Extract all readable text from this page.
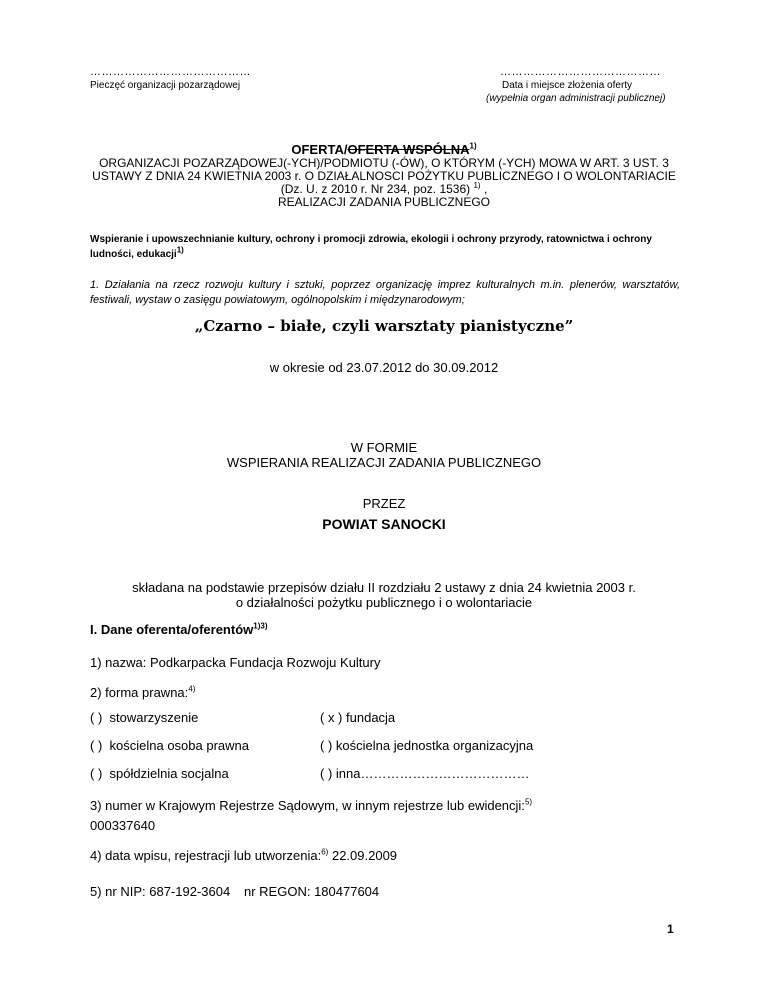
……………………………………
Pieczęć organizacji pozarządowej
……………………………………
Data i miejsce złożenia oferty
(wypełnia organ administracji publicznej)
OFERTA/OFERTA WSPÓLNA$^{1)}$
ORGANIZACJI POZARZĄDOWEJ(-YCH)/PODMIOTU (-ÓW), O KTÓRYM (-YCH) MOWA W ART. 3 UST. 3
USTAWY Z DNIA 24 KWIETNIA 2003 r. O DZIAŁALNOSCI POŻYTKU PUBLICZNEGO I O WOLONTARIACIE
(Dz. U. z 2010 r. Nr 234, poz. 1536) $^{1)}$ ,
REALIZACJI ZADANIA PUBLICZNEGO
Wspieranie i upowszechnianie kultury, ochrony i promocji zdrowia, ekologii i ochrony przyrody, ratownictwa i ochrony ludności, edukacji$^{1)}$
1. Działania na rzecz rozwoju kultury i sztuki, poprzez organizację imprez kulturalnych m.in. plenerów, warsztatów, festiwali, wystaw o zasięgu powiatowym, ogólnopolskim i międzynarodowym;
„Czarno – białe, czyli warsztaty pianistyczne”
w okresie od 23.07.2012 do 30.09.2012
W FORMIE
WSPIERANIA REALIZACJI ZADANIA PUBLICZNEGO
PRZEZ
POWIAT SANOCKI
składana na podstawie przepisów działu II rozdziału 2 ustawy z dnia 24 kwietnia 2003 r.
o działalności pożytku publicznego i o wolontariacie
I. Dane oferenta/oferentów$^{1)3)}$
1) nazwa: Podkarpacka Fundacja Rozwoju Kultury
2) forma prawna:$^{4)}$
( ) stowarzyszenie	( x ) fundacja
( ) kościelna osoba prawna	( ) kościelna jednostka organizacyjna
( ) spółdzielnia socjalna	( ) inna…………………………………
3) numer w Krajowym Rejestrze Sądowym, w innym rejestrze lub ewidencji:$^{5)}$
000337640
4) data wpisu, rejestracji lub utworzenia:$^{6)}$ 22.09.2009
5) nr NIP: 687-192-3604 nr REGON: 180477604
1
